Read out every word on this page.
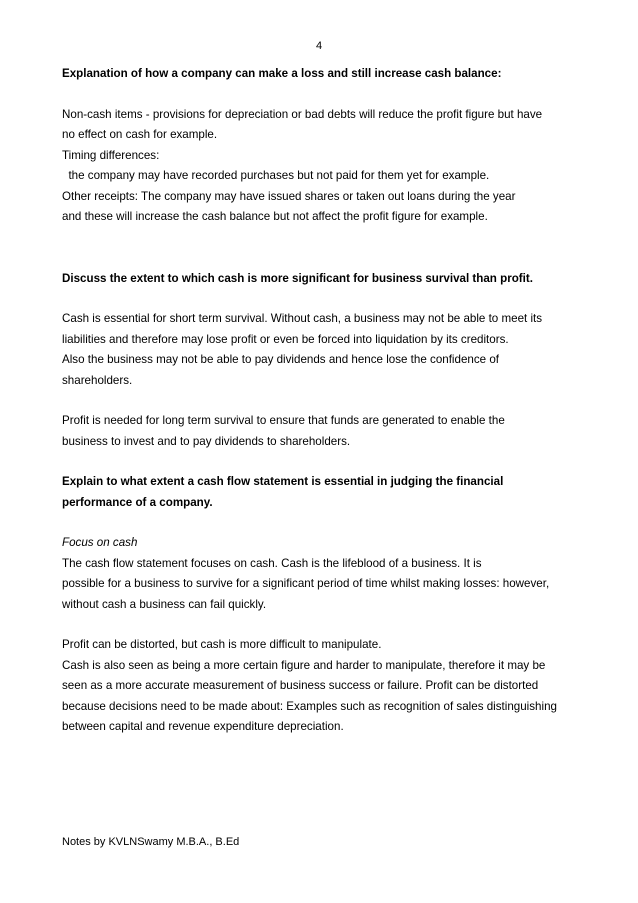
4

Explanation of how a company can make a loss and still increase cash balance:

Non-cash items - provisions for depreciation or bad debts will reduce the profit figure but have

no effect on cash for example.

Timing differences:

the company may have recorded purchases but not paid for them yet for example.

Other receipts: The company may have issued shares or taken out loans during the year

and these will increase the cash balance but not affect the profit figure for example.

Discuss the extent to which cash is more significant for business survival than profit.

Cash is essential for short term survival. Without cash, a business may not be able to meet its

liabilities and therefore may lose profit or even be forced into liquidation by its creditors.

Also the business may not be able to pay dividends and hence lose the confidence of

shareholders.

Profit is needed for long term survival to ensure that funds are generated to enable the

business to invest and to pay dividends to shareholders.

Explain to what extent a cash flow statement is essential in judging the financial

performance of a company.

Focus on cash

The cash flow statement focuses on cash. Cash is the lifeblood of a business. It is

possible for a business to survive for a significant period of time whilst making losses: however,

without cash a business can fail quickly.

Profit can be distorted, but cash is more difficult to manipulate.

Cash is also seen as being a more certain figure and harder to manipulate, therefore it may be

seen as a more accurate measurement of business success or failure. Profit can be distorted

because decisions need to be made about: Examples such as recognition of sales distinguishing

between capital and revenue expenditure depreciation.

Notes by KVLNSwamy M.B.A., B.Ed
